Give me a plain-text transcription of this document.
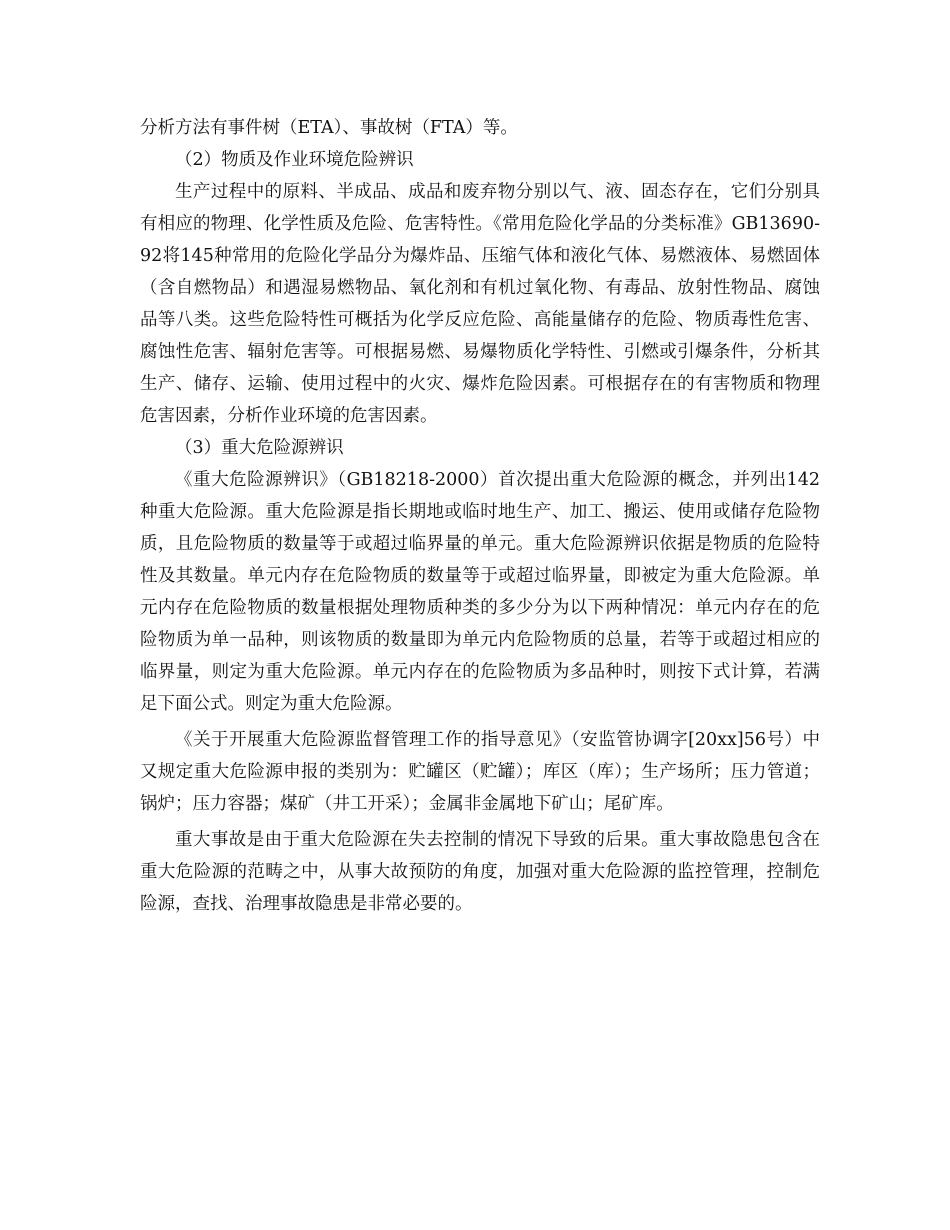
分析方法有事件树（ETA）、事故树（FTA）等。

（2）物质及作业环境危险辨识

生产过程中的原料、半成品、成品和废弃物分别以气、液、固态存在，它们分别具有相应的物理、化学性质及危险、危害特性。《常用危险化学品的分类标准》GB13690-92将145种常用的危险化学品分为爆炸品、压缩气体和液化气体、易燃液体、易燃固体（含自燃物品）和遇湿易燃物品、氧化剂和有机过氧化物、有毒品、放射性物品、腐蚀品等八类。这些危险特性可概括为化学反应危险、高能量储存的危险、物质毒性危害、腐蚀性危害、辐射危害等。可根据易燃、易爆物质化学特性、引燃或引爆条件，分析其生产、储存、运输、使用过程中的火灾、爆炸危险因素。可根据存在的有害物质和物理危害因素，分析作业环境的危害因素。

（3）重大危险源辨识

《重大危险源辨识》（GB18218-2000）首次提出重大危险源的概念，并列出142种重大危险源。重大危险源是指长期地或临时地生产、加工、搬运、使用或储存危险物质，且危险物质的数量等于或超过临界量的单元。重大危险源辨识依据是物质的危险特性及其数量。单元内存在危险物质的数量等于或超过临界量，即被定为重大危险源。单元内存在危险物质的数量根据处理物质种类的多少分为以下两种情况：单元内存在的危险物质为单一品种，则该物质的数量即为单元内危险物质的总量，若等于或超过相应的临界量，则定为重大危险源。单元内存在的危险物质为多品种时，则按下式计算，若满足下面公式。则定为重大危险源。

《关于开展重大危险源监督管理工作的指导意见》（安监管协调字[20xx]56号）中又规定重大危险源申报的类别为：贮罐区（贮罐）；库区（库）；生产场所；压力管道；锅炉；压力容器；煤矿（井工开采）；金属非金属地下矿山；尾矿库。

重大事故是由于重大危险源在失去控制的情况下导致的后果。重大事故隐患包含在重大危险源的范畴之中，从事大故预防的角度，加强对重大危险源的监控管理，控制危险源，查找、治理事故隐患是非常必要的。
